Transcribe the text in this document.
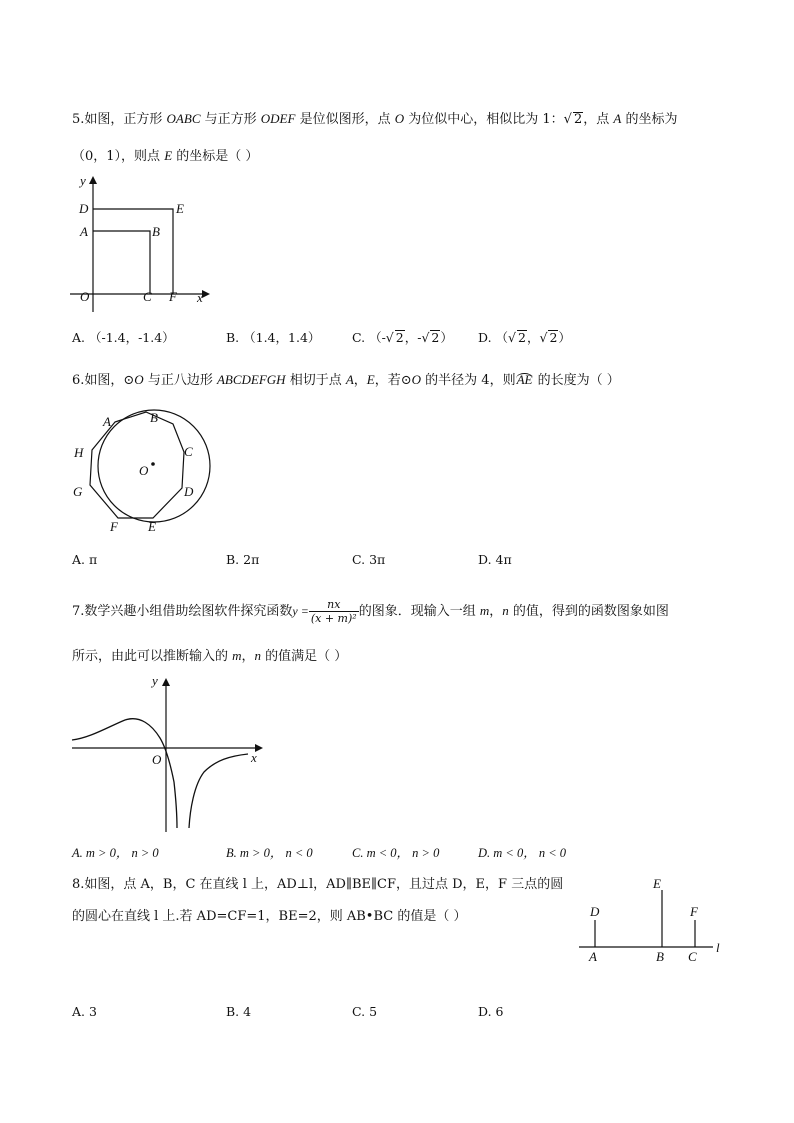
5.如图，正方形 OABC 与正方形 ODEF 是位似图形，点 O 为位似中心，相似比为 1：√ 2，点 A 的坐标为
（0，1），则点 E 的坐标是（ ）
y
D	E
A	B
O	C F x
A. （-1.4，-1.4）	B. （1.4，1.4）	C. （-√ 2，-√ 2） D. （√ 2，√ 2）
6.如图，⊙O 与正八边形 ABCDEFGH 相切于点 A，E，若⊙O 的半径为 4，则AE 的长度为（ ）
A	B
H	C
O
G	D
F E
A. π	B. 2π	C. 3π	D. 4π
7.数学兴趣小组借助绘图软件探究函数$y = \frac{nx}{\text{(x + m)²}}$ 的图象．现输入一组 m，n 的值，得到的函数图象如图
所示，由此可以推断输入的 m，n 的值满足（ ）
y
O	x
A. m > 0， n > 0	B. m > 0， n < 0	C. m < 0， n > 0	D. m < 0， n < 0
8.如图，点 A，B，C 在直线 l 上，AD⊥l，AD∥BE∥CF，且过点 D，E，F 三点的圆
的圆心在直线 l 上.若 AD=CF=1，BE=2，则 AB•BC 的值是（ ）
E
D	F
l
A	B C
A. 3	B. 4	C. 5	D. 6
